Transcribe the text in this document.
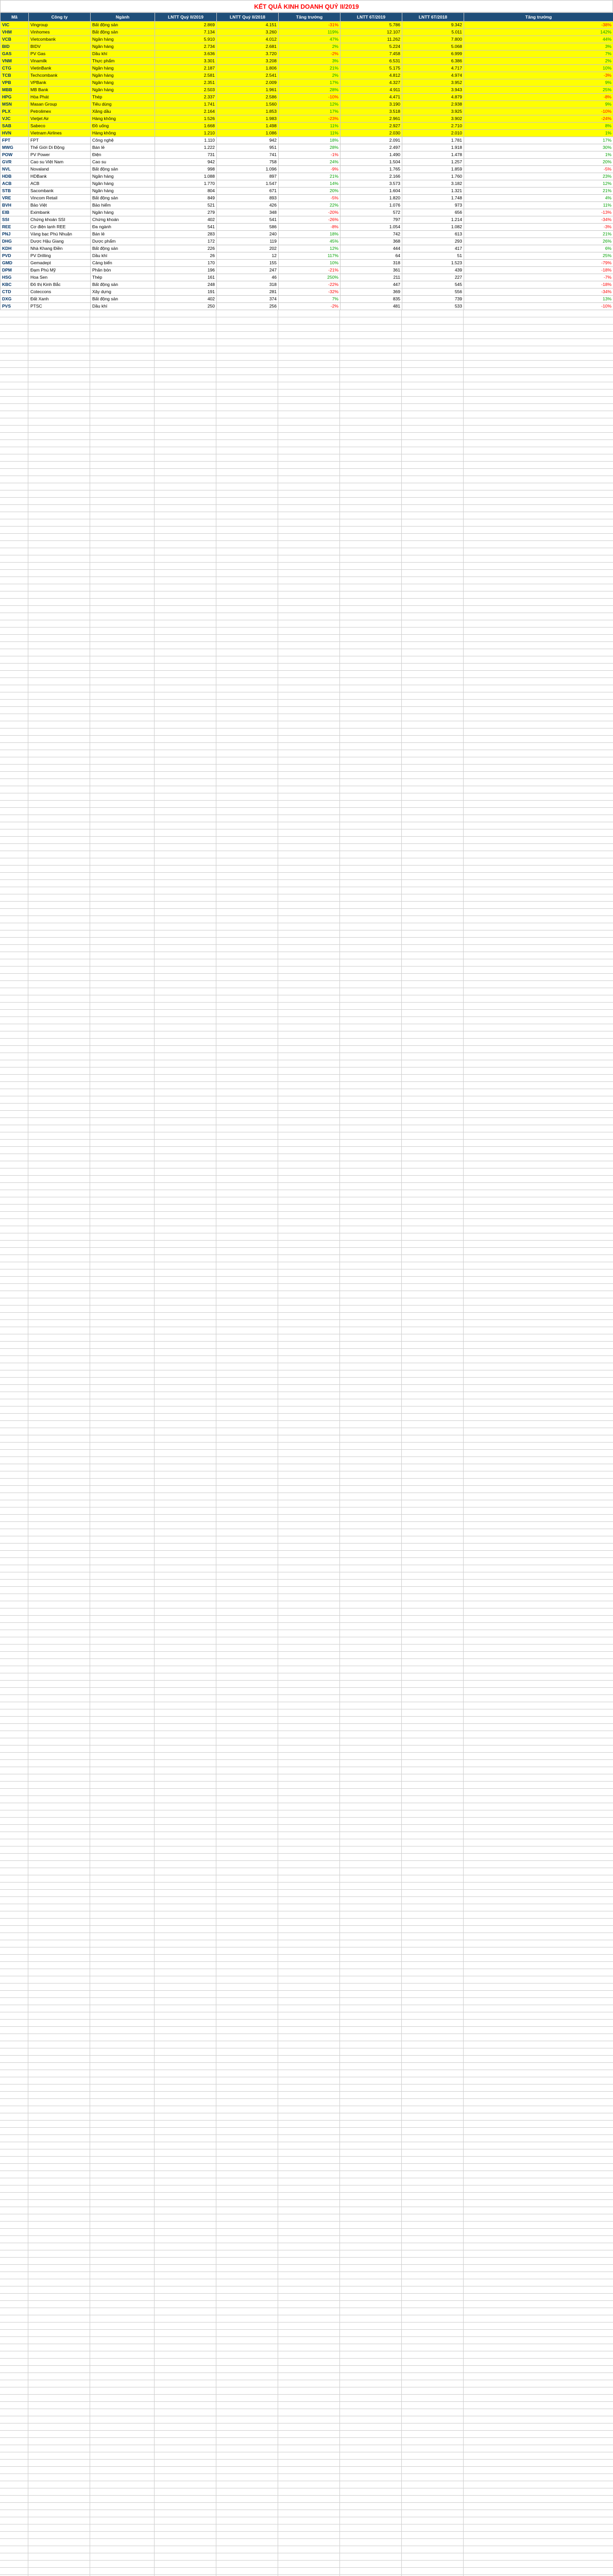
KẾT QUẢ KINH DOANH QUÝ II/2019
Mã	Công ty	Ngành	LNTT Quý II/2019	LNTT Quý II/2018	Tăng trưởng	LNTT 6T/2019	LNTT 6T/2018	Tăng trưởng
VIC	Vingroup	Bất động sản	2.869	4.151	-31%	5.786	9.342	-38%
VHM	Vinhomes	Bất động sản	7.134	3.260	119%	12.107	5.011	142%
VCB	Vietcombank	Ngân hàng	5.910	4.012	47%	11.262	7.800	44%
BID	BIDV	Ngân hàng	2.734	2.681	2%	5.224	5.068	3%
GAS	PV Gas	Dầu khí	3.636	3.720	-2%	7.458	6.999	7%
VNM	Vinamilk	Thực phẩm	3.301	3.208	3%	6.531	6.386	2%
CTG	VietinBank	Ngân hàng	2.187	1.806	21%	5.175	4.717	10%
TCB	Techcombank	Ngân hàng	2.581	2.541	2%	4.812	4.974	-3%
VPB	VPBank	Ngân hàng	2.351	2.009	17%	4.327	3.952	9%
MBB	MB Bank	Ngân hàng	2.503	1.961	28%	4.911	3.943	25%
HPG	Hòa Phát	Thép	2.337	2.586	-10%	4.471	4.879	-8%
MSN	Masan Group	Tiêu dùng	1.741	1.560	12%	3.190	2.938	9%
PLX	Petrolimex	Xăng dầu	2.164	1.853	17%	3.518	3.925	-10%
VJC	Vietjet Air	Hàng không	1.526	1.983	-23%	2.961	3.902	-24%
SAB	Sabeco	Đồ uống	1.668	1.498	11%	2.927	2.710	8%
HVN	Vietnam Airlines	Hàng không	1.210	1.086	11%	2.030	2.010	1%
FPT	FPT	Công nghệ	1.110	942	18%	2.091	1.781	17%
MWG	Thế Giới Di Động	Bán lẻ	1.222	951	28%	2.497	1.918	30%
POW	PV Power	Điện	731	741	-1%	1.490	1.478	1%
GVR	Cao su Việt Nam	Cao su	942	758	24%	1.504	1.257	20%
NVL	Novaland	Bất động sản	998	1.096	-9%	1.765	1.859	-5%
HDB	HDBank	Ngân hàng	1.088	897	21%	2.166	1.760	23%
ACB	ACB	Ngân hàng	1.770	1.547	14%	3.573	3.182	12%
STB	Sacombank	Ngân hàng	804	671	20%	1.604	1.321	21%
VRE	Vincom Retail	Bất động sản	849	893	-5%	1.820	1.748	4%
BVH	Bảo Việt	Bảo hiểm	521	426	22%	1.076	973	11%
EIB	Eximbank	Ngân hàng	279	348	-20%	572	656	-13%
SSI	Chứng khoán SSI	Chứng khoán	402	541	-26%	797	1.214	-34%
REE	Cơ điện lạnh REE	Đa ngành	541	586	-8%	1.054	1.082	-3%
PNJ	Vàng bạc Phú Nhuận	Bán lẻ	283	240	18%	742	613	21%
DHG	Dược Hậu Giang	Dược phẩm	172	119	45%	368	293	26%
KDH	Nhà Khang Điền	Bất động sản	226	202	12%	444	417	6%
PVD	PV Drilling	Dầu khí	26	12	117%	64	51	25%
GMD	Gemadept	Cảng biển	170	155	10%	318	1.523	-79%
DPM	Đạm Phú Mỹ	Phân bón	196	247	-21%	361	439	-18%
HSG	Hoa Sen	Thép	161	46	250%	211	227	-7%
KBC	Đô thị Kinh Bắc	Bất động sản	248	318	-22%	447	545	-18%
CTD	Coteccons	Xây dựng	191	281	-32%	369	556	-34%
DXG	Đất Xanh	Bất động sản	402	374	7%	835	739	13%
PVS	PTSC	Dầu khí	250	256	-2%	481	533	-10%
